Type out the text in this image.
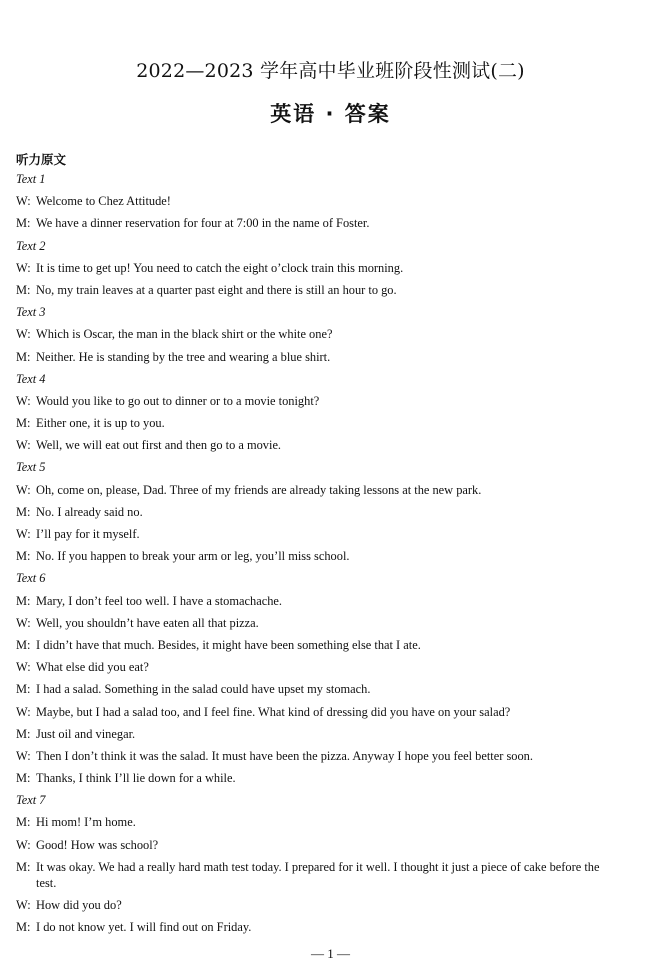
2022—2023 学年高中毕业班阶段性测试(二)
英语 · 答案
听力原文
Text 1
W: Welcome to Chez Attitude!
M: We have a dinner reservation for four at 7:00 in the name of Foster.
Text 2
W: It is time to get up! You need to catch the eight o’clock train this morning.
M: No, my train leaves at a quarter past eight and there is still an hour to go.
Text 3
W: Which is Oscar, the man in the black shirt or the white one?
M: Neither. He is standing by the tree and wearing a blue shirt.
Text 4
W: Would you like to go out to dinner or to a movie tonight?
M: Either one, it is up to you.
W: Well, we will eat out first and then go to a movie.
Text 5
W: Oh, come on, please, Dad. Three of my friends are already taking lessons at the new park.
M: No. I already said no.
W: I’ll pay for it myself.
M: No. If you happen to break your arm or leg, you’ll miss school.
Text 6
M: Mary, I don’t feel too well. I have a stomachache.
W: Well, you shouldn’t have eaten all that pizza.
M: I didn’t have that much. Besides, it might have been something else that I ate.
W: What else did you eat?
M: I had a salad. Something in the salad could have upset my stomach.
W: Maybe, but I had a salad too, and I feel fine. What kind of dressing did you have on your salad?
M: Just oil and vinegar.
W: Then I don’t think it was the salad. It must have been the pizza. Anyway I hope you feel better soon.
M: Thanks, I think I’ll lie down for a while.
Text 7
M: Hi mom! I’m home.
W: Good! How was school?
M: It was okay. We had a really hard math test today. I prepared for it well. I thought it just a piece of cake before the
test.
W: How did you do?
M: I do not know yet. I will find out on Friday.
— 1 —
